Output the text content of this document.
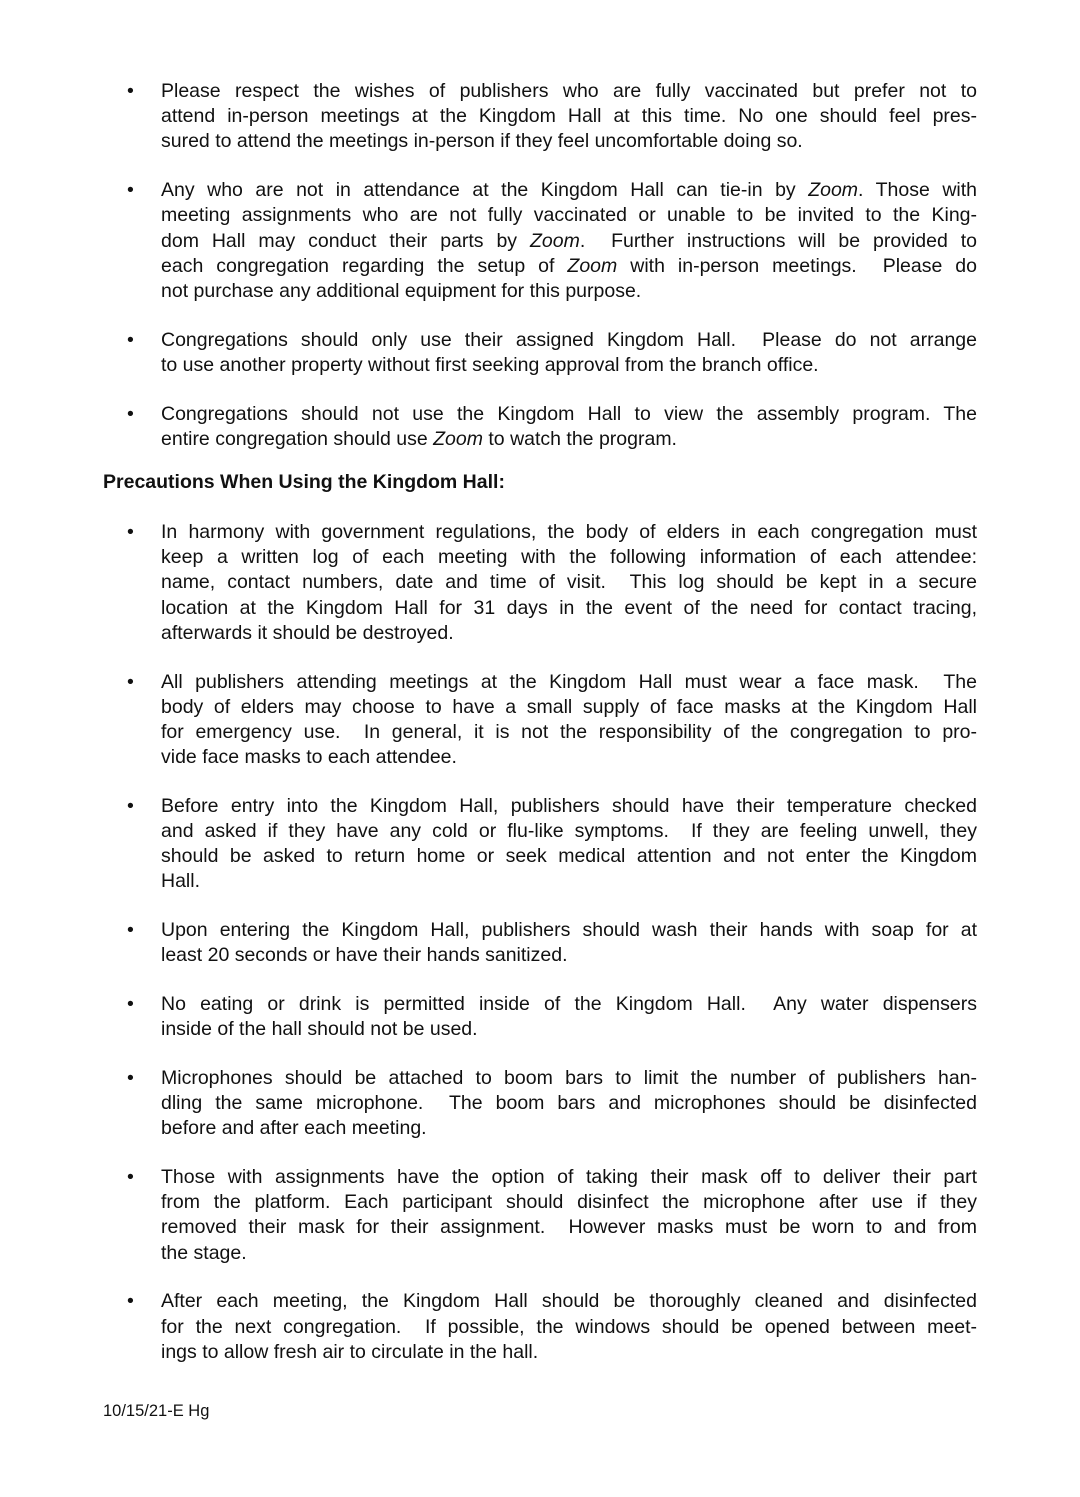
• Please respect the wishes of publishers who are fully vaccinated but prefer not to
attend in-person meetings at the Kingdom Hall at this time. No one should feel pres-
sured to attend the meetings in-person if they feel uncomfortable doing so.
• Any who are not in attendance at the Kingdom Hall can tie-in by Zoom. Those with
meeting assignments who are not fully vaccinated or unable to be invited to the King-
dom Hall may conduct their parts by Zoom.  Further instructions will be provided to
each congregation regarding the setup of Zoom with in-person meetings.  Please do
not purchase any additional equipment for this purpose.
• Congregations should only use their assigned Kingdom Hall.  Please do not arrange
to use another property without first seeking approval from the branch office.
• Congregations should not use the Kingdom Hall to view the assembly program. The
entire congregation should use Zoom to watch the program.
Precautions When Using the Kingdom Hall:
• In harmony with government regulations, the body of elders in each congregation must
keep a written log of each meeting with the following information of each attendee:
name, contact numbers, date and time of visit.  This log should be kept in a secure
location at the Kingdom Hall for 31 days in the event of the need for contact tracing,
afterwards it should be destroyed.
• All publishers attending meetings at the Kingdom Hall must wear a face mask.  The
body of elders may choose to have a small supply of face masks at the Kingdom Hall
for emergency use.  In general, it is not the responsibility of the congregation to pro-
vide face masks to each attendee.
• Before entry into the Kingdom Hall, publishers should have their temperature checked
and asked if they have any cold or flu-like symptoms.  If they are feeling unwell, they
should be asked to return home or seek medical attention and not enter the Kingdom
Hall.
• Upon entering the Kingdom Hall, publishers should wash their hands with soap for at
least 20 seconds or have their hands sanitized.
• No eating or drink is permitted inside of the Kingdom Hall.  Any water dispensers
inside of the hall should not be used.
• Microphones should be attached to boom bars to limit the number of publishers han-
dling the same microphone.  The boom bars and microphones should be disinfected
before and after each meeting.
• Those with assignments have the option of taking their mask off to deliver their part
from the platform. Each participant should disinfect the microphone after use if they
removed their mask for their assignment.  However masks must be worn to and from
the stage.
• After each meeting, the Kingdom Hall should be thoroughly cleaned and disinfected
for the next congregation.  If possible, the windows should be opened between meet-
ings to allow fresh air to circulate in the hall.
10/15/21-E Hg
